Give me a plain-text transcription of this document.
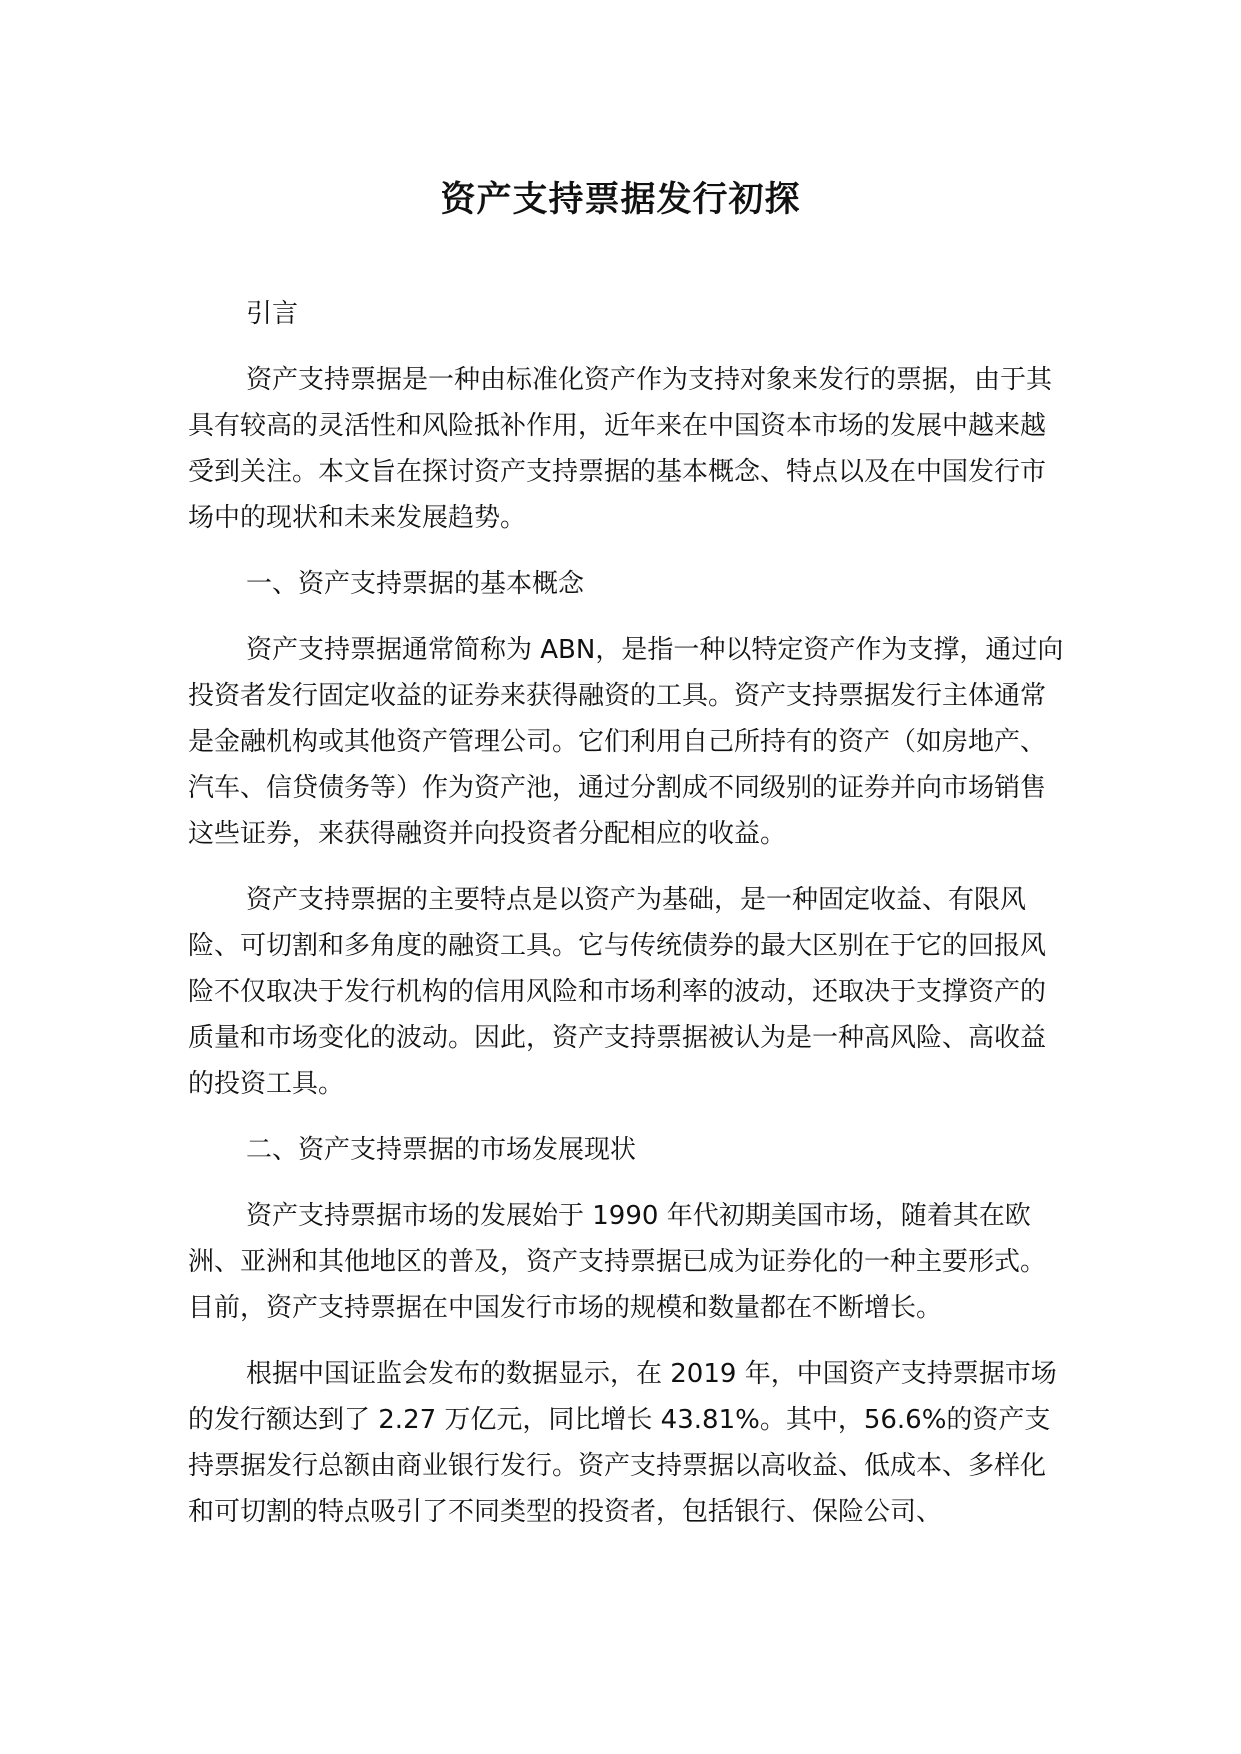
资产支持票据发行初探

引言

资产支持票据是一种由标准化资产作为支持对象来发行的票据，由于其具有较高的灵活性和风险抵补作用，近年来在中国资本市场的发展中越来越受到关注。本文旨在探讨资产支持票据的基本概念、特点以及在中国发行市场中的现状和未来发展趋势。

一、资产支持票据的基本概念

资产支持票据通常简称为 ABN，是指一种以特定资产作为支撑，通过向投资者发行固定收益的证券来获得融资的工具。资产支持票据发行主体通常是金融机构或其他资产管理公司。它们利用自己所持有的资产（如房地产、汽车、信贷债务等）作为资产池，通过分割成不同级别的证券并向市场销售这些证券，来获得融资并向投资者分配相应的收益。

资产支持票据的主要特点是以资产为基础，是一种固定收益、有限风险、可切割和多角度的融资工具。它与传统债券的最大区别在于它的回报风险不仅取决于发行机构的信用风险和市场利率的波动，还取决于支撑资产的质量和市场变化的波动。因此，资产支持票据被认为是一种高风险、高收益的投资工具。

二、资产支持票据的市场发展现状

资产支持票据市场的发展始于 1990 年代初期美国市场，随着其在欧洲、亚洲和其他地区的普及，资产支持票据已成为证券化的一种主要形式。目前，资产支持票据在中国发行市场的规模和数量都在不断增长。

根据中国证监会发布的数据显示，在 2019 年，中国资产支持票据市场的发行额达到了 2.27 万亿元，同比增长 43.81%。其中，56.6%的资产支持票据发行总额由商业银行发行。资产支持票据以高收益、低成本、多样化和可切割的特点吸引了不同类型的投资者，包括银行、保险公司、
